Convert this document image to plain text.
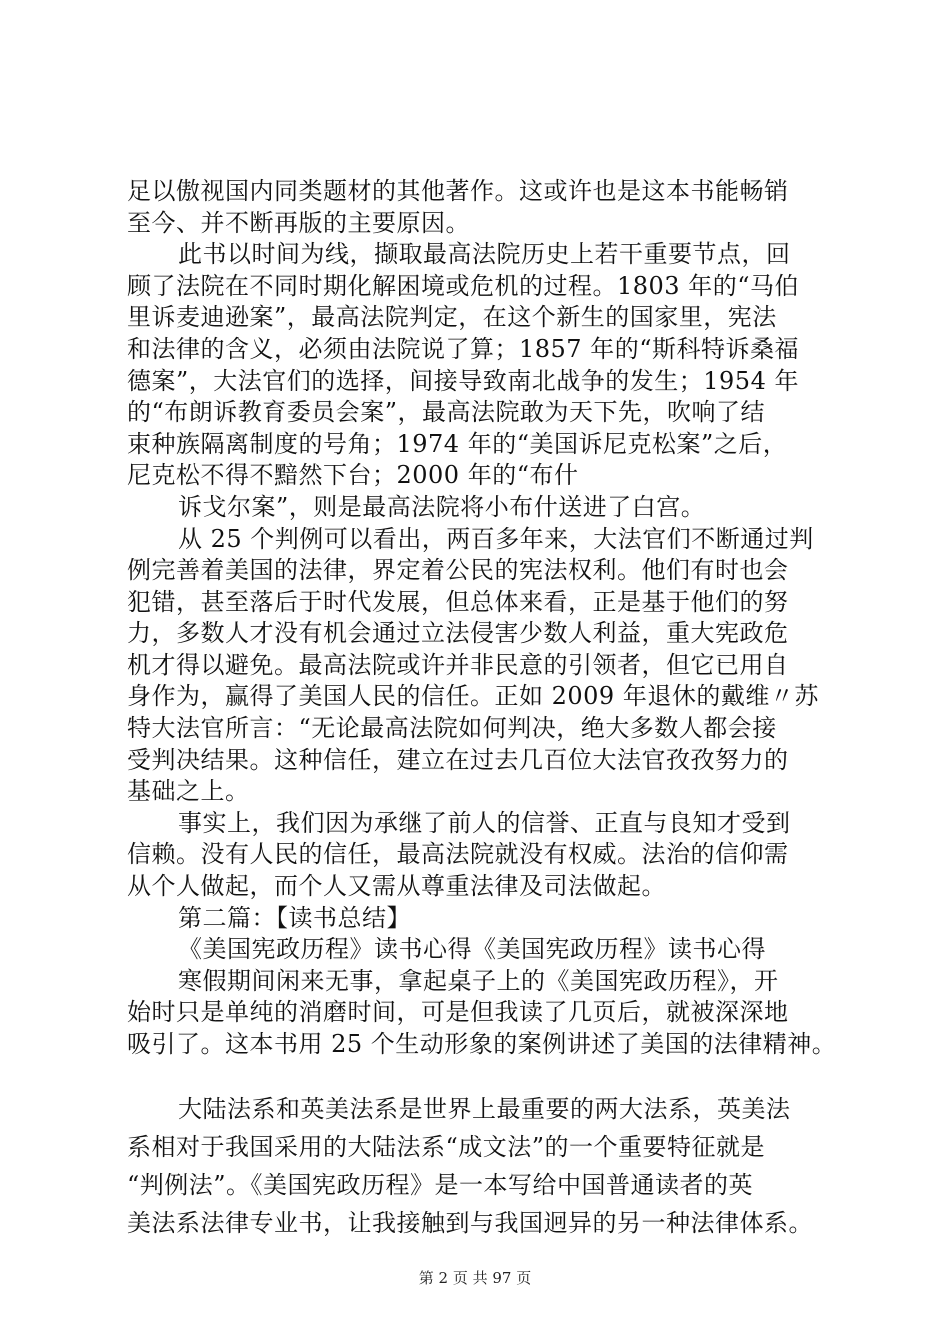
足以傲视国内同类题材的其他著作。这或许也是这本书能畅销
至今、并不断再版的主要原因。
此书以时间为线，撷取最高法院历史上若干重要节点，回
顾了法院在不同时期化解困境或危机的过程。1803 年的“马伯
里诉麦迪逊案”，最高法院判定，在这个新生的国家里，宪法
和法律的含义，必须由法院说了算；1857 年的“斯科特诉桑福
德案”，大法官们的选择，间接导致南北战争的发生；1954 年
的“布朗诉教育委员会案”，最高法院敢为天下先，吹响了结
束种族隔离制度的号角；1974 年的“美国诉尼克松案”之后，
尼克松不得不黯然下台；2000 年的“布什
诉戈尔案”，则是最高法院将小布什送进了白宫。
从 25 个判例可以看出，两百多年来，大法官们不断通过判
例完善着美国的法律，界定着公民的宪法权利。他们有时也会
犯错，甚至落后于时代发展，但总体来看，正是基于他们的努
力，多数人才没有机会通过立法侵害少数人利益，重大宪政危
机才得以避免。最高法院或许并非民意的引领者，但它已用自
身作为，赢得了美国人民的信任。正如 2009 年退休的戴维〃苏
特大法官所言：“无论最高法院如何判决，绝大多数人都会接
受判决结果。这种信任，建立在过去几百位大法官孜孜努力的
基础之上。
事实上，我们因为承继了前人的信誉、正直与良知才受到
信赖。没有人民的信任，最高法院就没有权威。法治的信仰需
从个人做起，而个人又需从尊重法律及司法做起。
第二篇：【读书总结】
《美国宪政历程》读书心得《美国宪政历程》读书心得
寒假期间闲来无事，拿起桌子上的《美国宪政历程》，开
始时只是单纯的消磨时间，可是但我读了几页后，就被深深地
吸引了。这本书用 25 个生动形象的案例讲述了美国的法律精神。
第 2 页 共 97 页
大陆法系和英美法系是世界上最重要的两大法系，英美法
系相对于我国采用的大陆法系“成文法”的一个重要特征就是
“判例法”。《美国宪政历程》是一本写给中国普通读者的英
美法系法律专业书，让我接触到与我国迥异的另一种法律体系。
